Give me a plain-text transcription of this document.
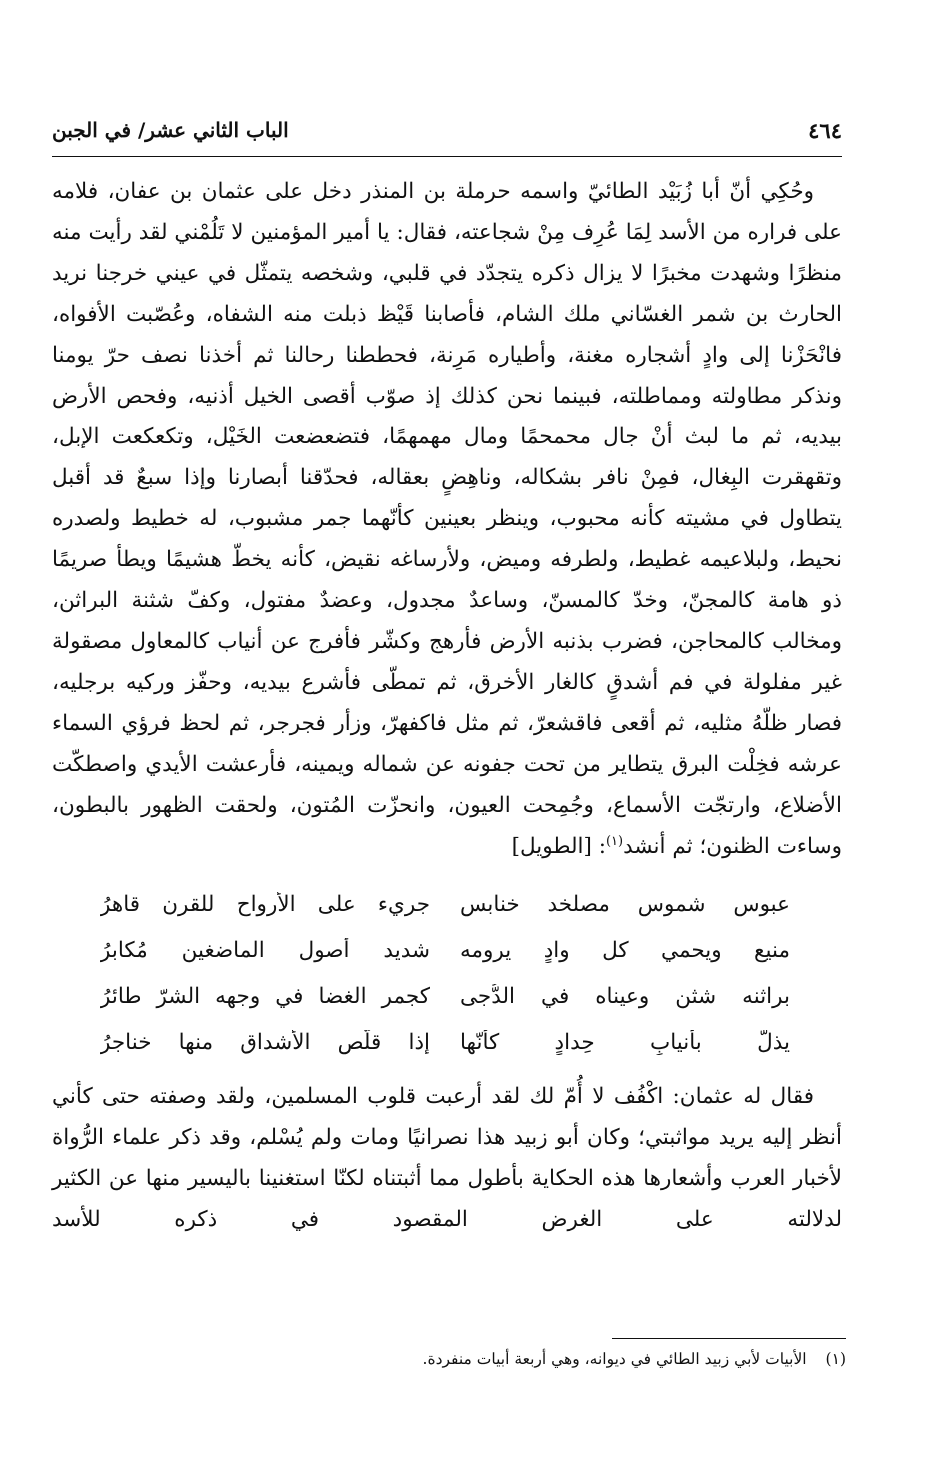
٤٦٤
الباب الثاني عشر/ في الجبن

وحُكِي أنّ أبا زُبَيْد الطائيّ واسمه حرملة بن المنذر دخل على عثمان بن عفان، فلامه على فراره من الأسد لِمَا عُرِف مِنْ شجاعته، فقال: يا أمير المؤمنين لا تَلُمْني لقد رأيت منه منظرًا وشهدت مخبرًا لا يزال ذكره يتجدّد في قلبي، وشخصه يتمثّل في عيني خرجنا نريد الحارث بن شمر الغسّاني ملك الشام، فأصابنا قَيْظ ذبلت منه الشفاه، وعُصّبت الأفواه، فانْحَزْنا إلى وادٍ أشجاره مغنة، وأطياره مَرِنة، فحططنا رحالنا ثم أخذنا نصف حرّ يومنا ونذكر مطاولته ومماطلته، فبينما نحن كذلك إذ صوّب أقصى الخيل أذنيه، وفحص الأرض بيديه، ثم ما لبث أنْ جال محمحمًا ومال مهمهمًا، فتضعضعت الخَيْل، وتكعكعت الإبل، وتقهقرت البِغال، فمِنْ نافر بشكاله، وناهِضٍ بعقاله، فحدّقنا أبصارنا وإذا سبعٌ قد أقبل يتطاول في مشيته كأنه محبوب، وينظر بعينين كأنّهما جمر مشبوب، له خطيط ولصدره نحيط، ولبلاعيمه غطيط، ولطرفه وميض، ولأرساغه نقيض، كأنه يخطّ هشيمًا ويطأ صريمًا ذو هامة كالمجنّ، وخدّ كالمسنّ، وساعدٌ مجدول، وعضدٌ مفتول، وكفّ شثنة البراثن، ومخالب كالمحاجن، فضرب بذنبه الأرض فأرهج وكشّر فأفرج عن أنياب كالمعاول مصقولة غير مفلولة في فم أشدقٍ كالغار الأخرق، ثم تمطّى فأشرع بيديه، وحفّز وركيه برجليه، فصار ظلّهُ مثليه، ثم أقعى فاقشعرّ، ثم مثل فاكفهرّ، وزأر فجرجر، ثم لحظ فرؤي السماء عرشه فخِلْت البرق يتطاير من تحت جفونه عن شماله ويمينه، فأرعشت الأيدي واصطكّت الأضلاع، وارتجّت الأسماع، وجُمِحت العيون، وانحزّت المُتون، ولحقت الظهور بالبطون، وساءت الظنون؛ ثم أنشد$^{(١)}$: [الطويل]

عبوس شموس مصلخد خنابس
جريء على الأرواح للقرن قاهرُ
منيع ويحمي كل وادٍ يرومه
شديد أصول الماضغين مُكابرُ
براثنه شثن وعيناه في الدُّجى
كجمر الغضا في وجهه الشرّ طائرُ
يذلّ بأنيابٍ حِدادٍ كأنّها
إذا قلّص الأشداق منها خناجرُ

فقال له عثمان: اكْفُف لا أُمّ لك لقد أرعبت قلوب المسلمين، ولقد وصفته حتى كأني أنظر إليه يريد مواثبتي؛ وكان أبو زبيد هذا نصرانيًا ومات ولم يُسْلم، وقد ذكر علماء الرُّواة لأخبار العرب وأشعارها هذه الحكاية بأطول مما أثبتناه لكنّا استغنينا باليسير منها عن الكثير لدلالته على الغرض المقصود في ذكره للأسد

(١) الأبيات لأبي زبيد الطائي في ديوانه، وهي أربعة أبيات منفردة.
